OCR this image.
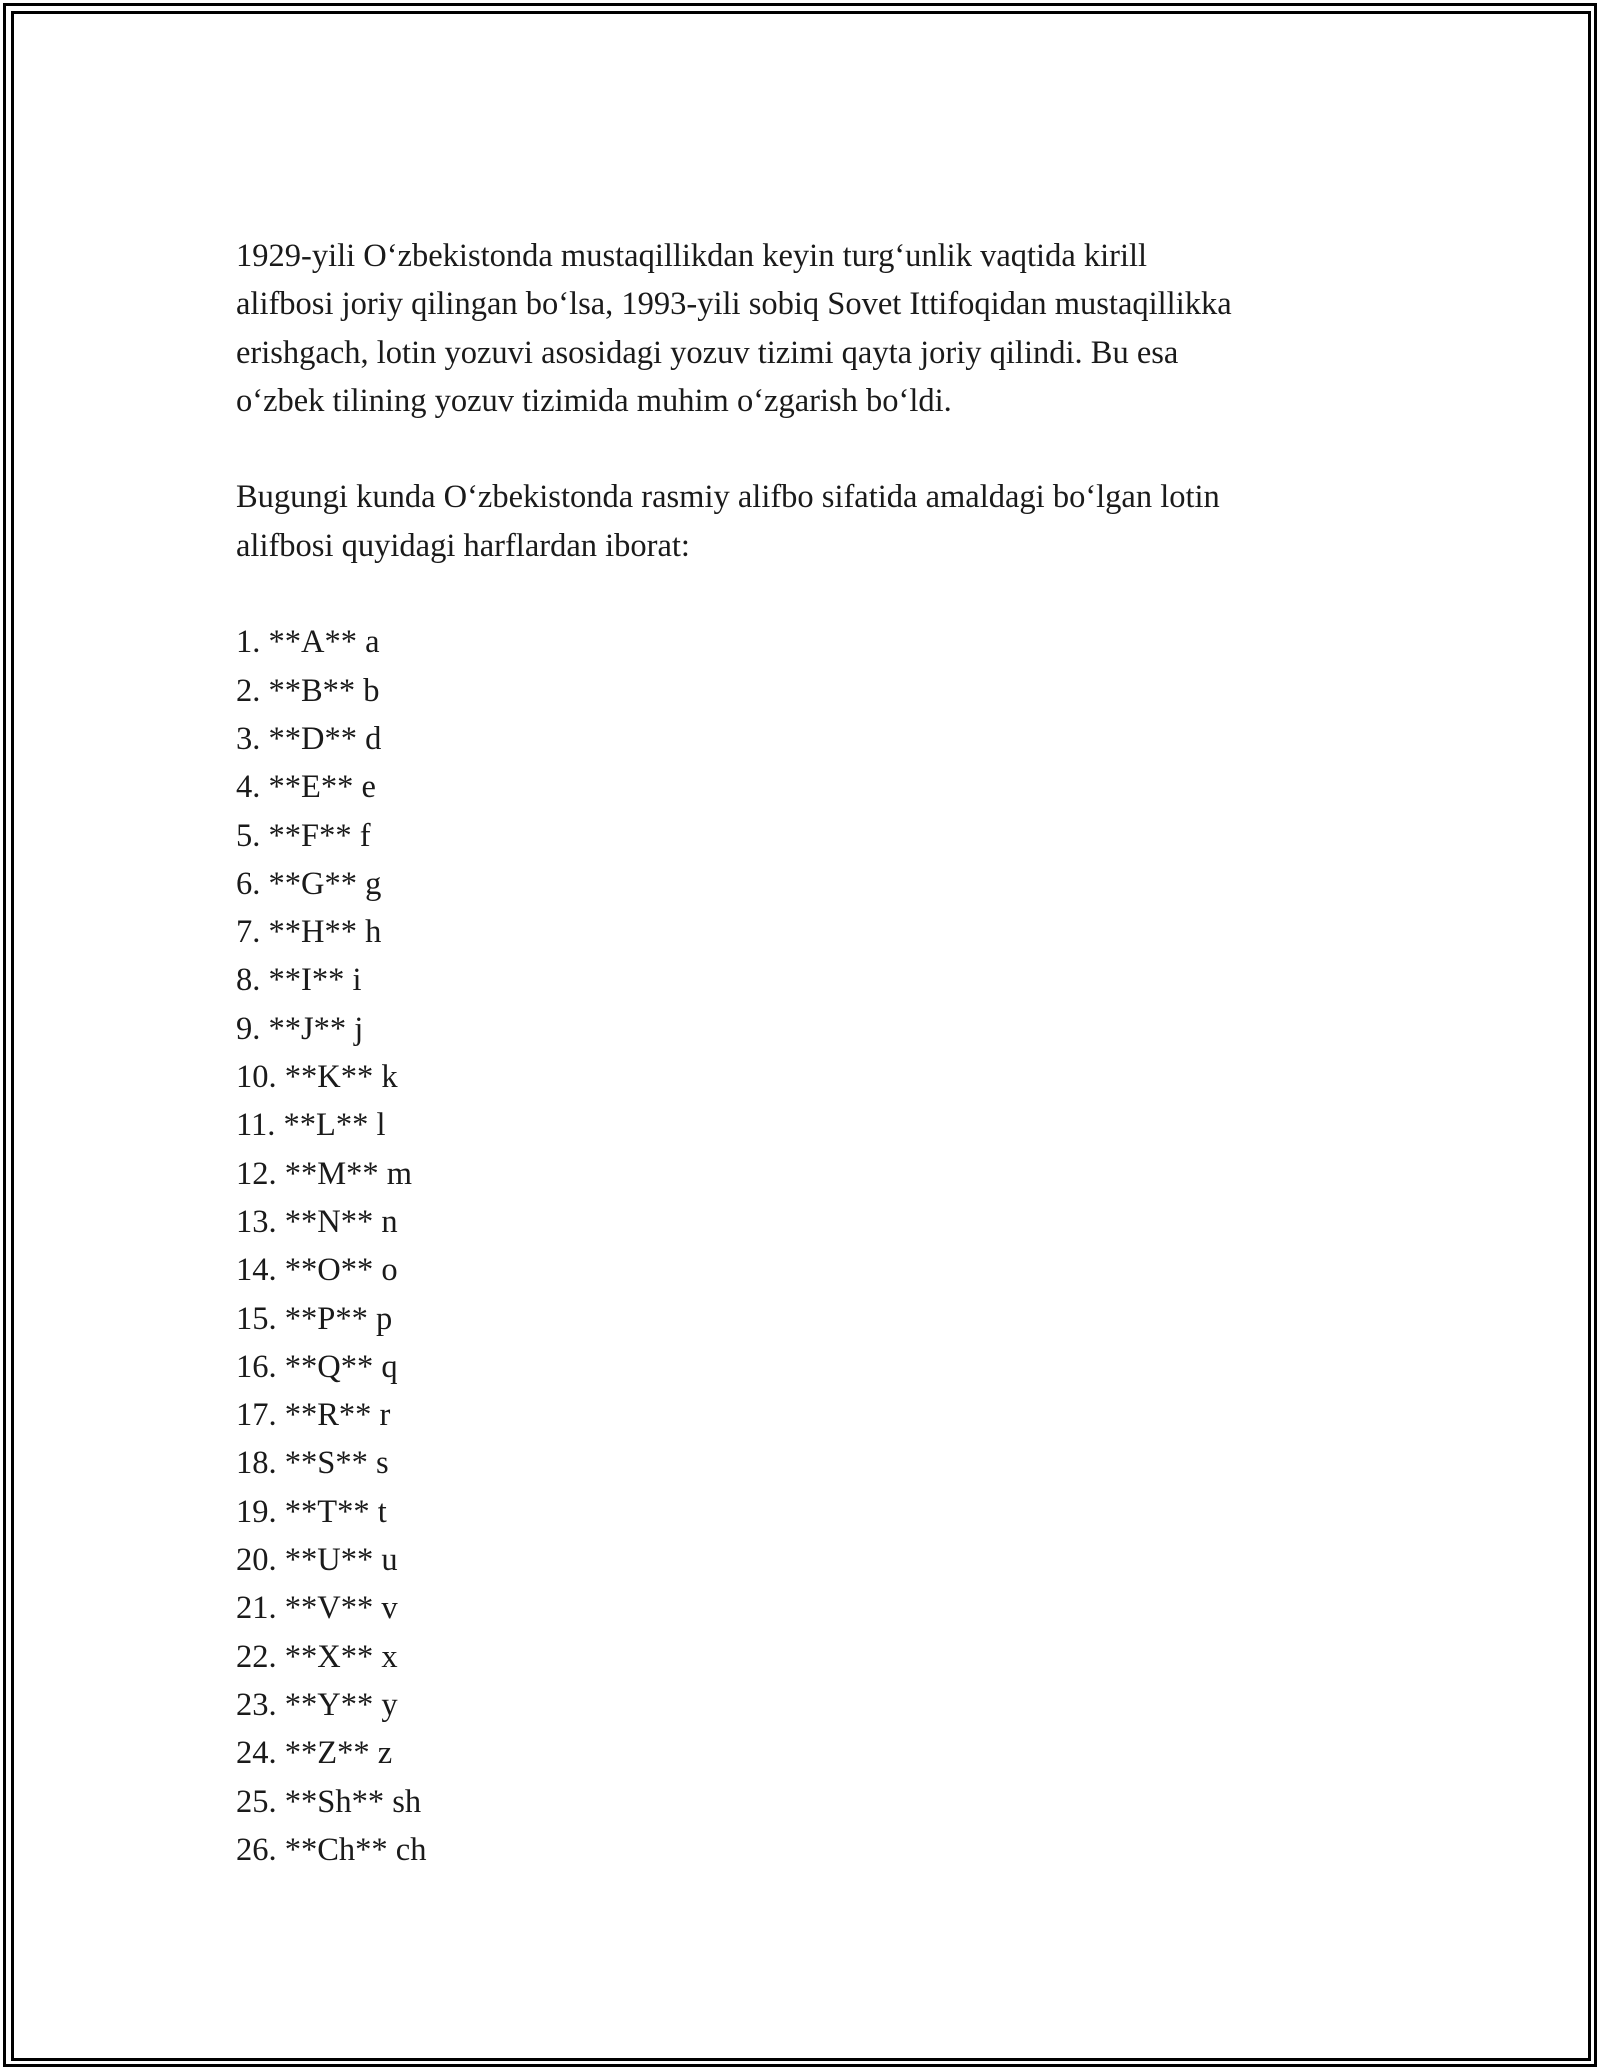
1929-yili O‘zbekistonda mustaqillikdan keyin turg‘unlik vaqtida kirill
alifbosi joriy qilingan bo‘lsa, 1993-yili sobiq Sovet Ittifoqidan mustaqillikka
erishgach, lotin yozuvi asosidagi yozuv tizimi qayta joriy qilindi. Bu esa
o‘zbek tilining yozuv tizimida muhim o‘zgarish bo‘ldi.

Bugungi kunda O‘zbekistonda rasmiy alifbo sifatida amaldagi bo‘lgan lotin
alifbosi quyidagi harflardan iborat:

1. **A** a
2. **B** b
3. **D** d
4. **E** e
5. **F** f
6. **G** g
7. **H** h
8. **I** i
9. **J** j
10. **K** k
11. **L** l
12. **M** m
13. **N** n
14. **O** o
15. **P** p
16. **Q** q
17. **R** r
18. **S** s
19. **T** t
20. **U** u
21. **V** v
22. **X** x
23. **Y** y
24. **Z** z
25. **Sh** sh
26. **Ch** ch
